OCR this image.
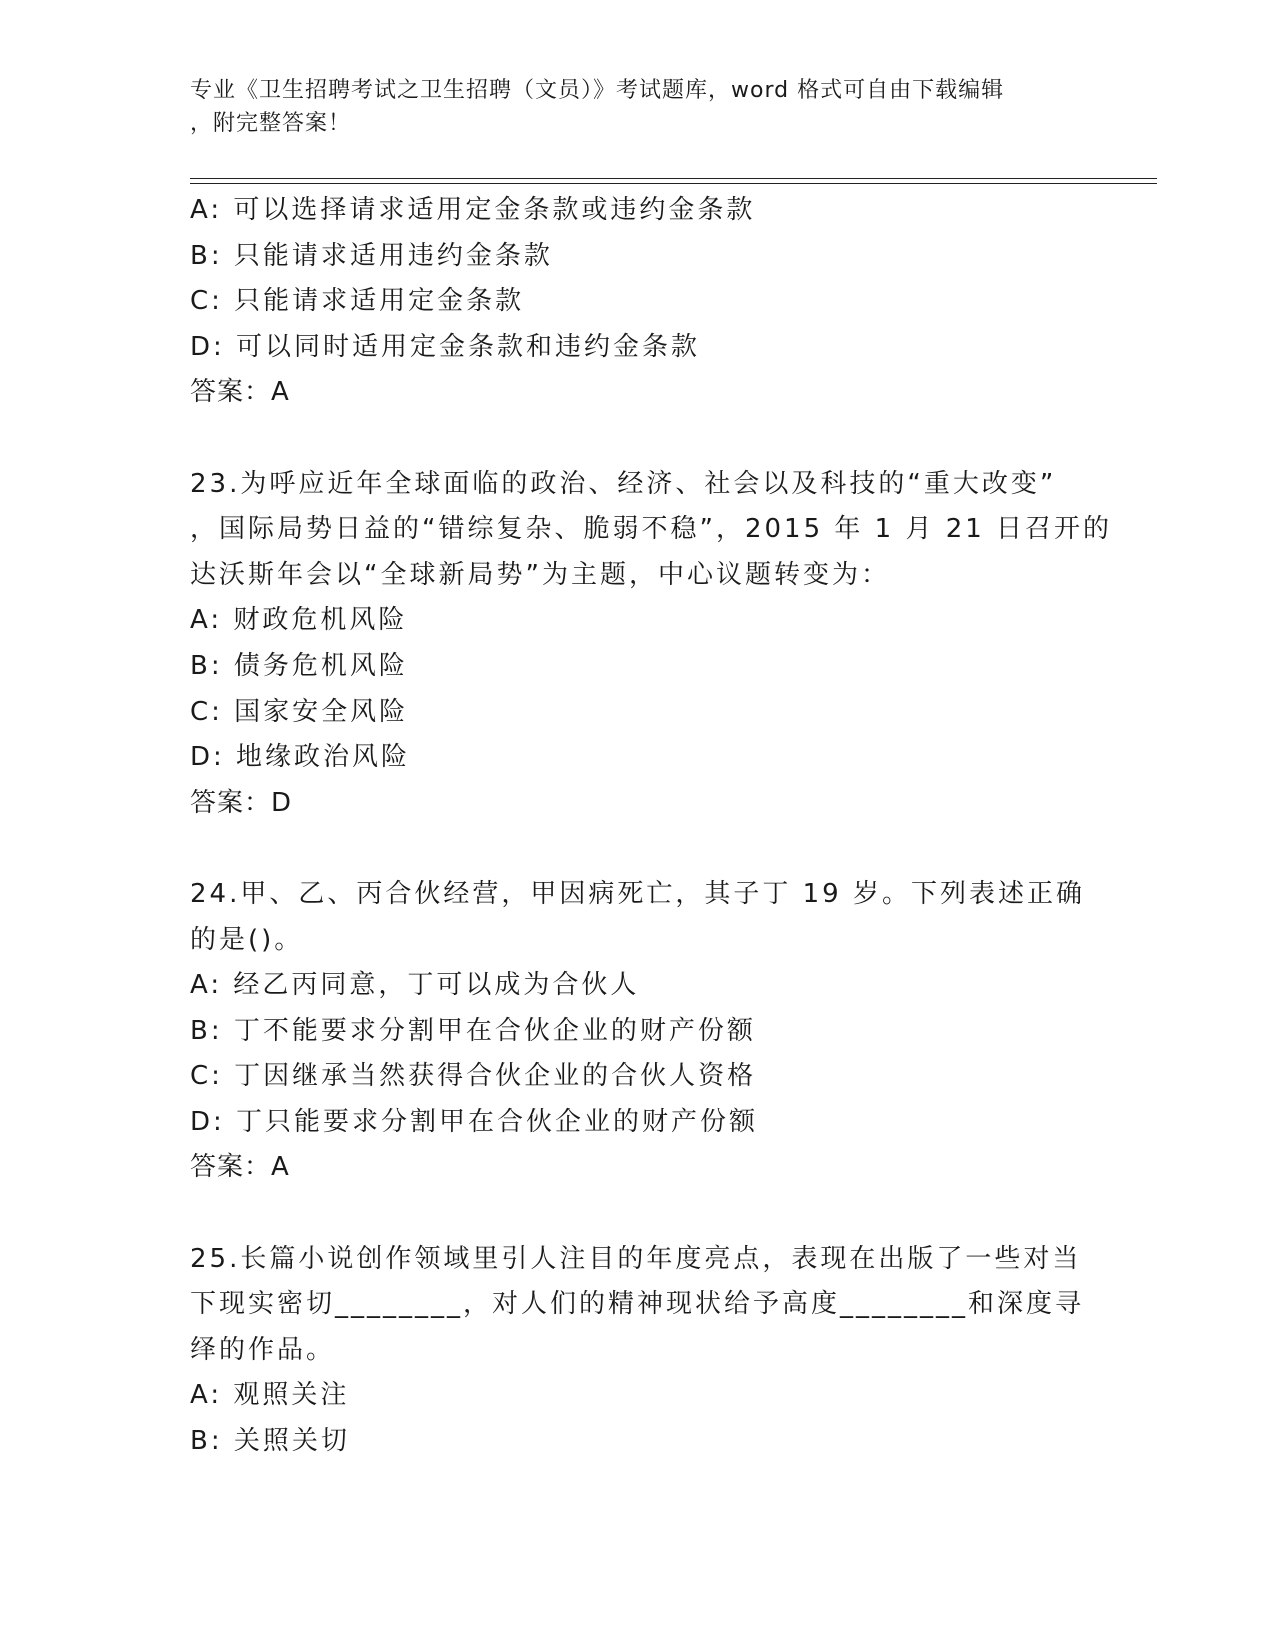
专业《卫生招聘考试之卫生招聘（文员）》考试题库，word 格式可自由下载编辑
，附完整答案！
A: 可以选择请求适用定金条款或违约金条款
B: 只能请求适用违约金条款
C: 只能请求适用定金条款
D: 可以同时适用定金条款和违约金条款
答案：A
23.为呼应近年全球面临的政治、经济、社会以及科技的“重大改变”
，国际局势日益的“错综复杂、脆弱不稳”，2015 年 1 月 21 日召开的
达沃斯年会以“全球新局势”为主题，中心议题转变为：
A: 财政危机风险
B: 债务危机风险
C: 国家安全风险
D: 地缘政治风险
答案：D
24.甲、乙、丙合伙经营，甲因病死亡，其子丁 19 岁。下列表述正确
的是()。
A: 经乙丙同意，丁可以成为合伙人
B: 丁不能要求分割甲在合伙企业的财产份额
C: 丁因继承当然获得合伙企业的合伙人资格
D: 丁只能要求分割甲在合伙企业的财产份额
答案：A
25.长篇小说创作领域里引人注目的年度亮点，表现在出版了一些对当
下现实密切________，对人们的精神现状给予高度________和深度寻
绎的作品。
A: 观照关注
B: 关照关切
